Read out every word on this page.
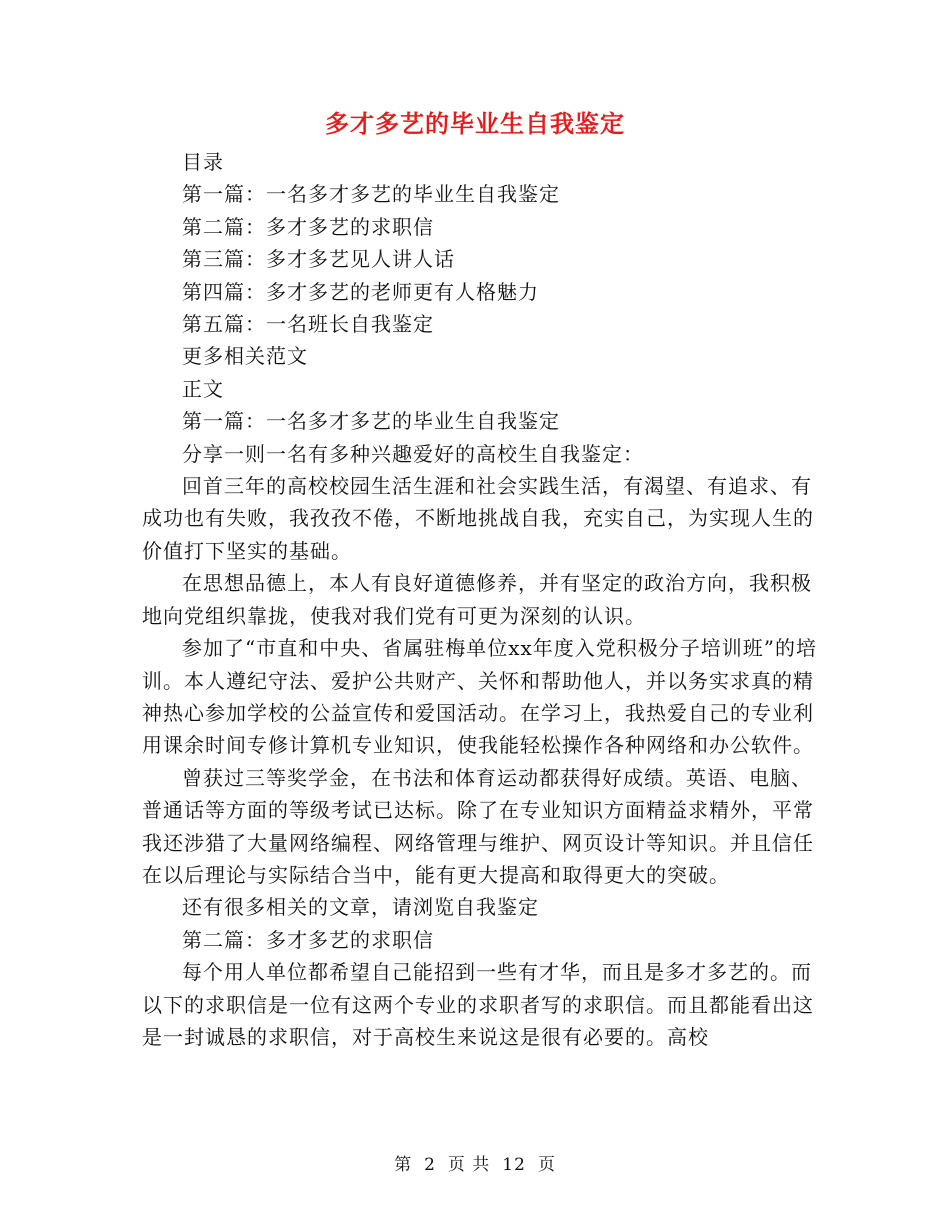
多才多艺的毕业生自我鉴定

目录

第一篇：一名多才多艺的毕业生自我鉴定

第二篇：多才多艺的求职信

第三篇：多才多艺见人讲人话

第四篇：多才多艺的老师更有人格魅力

第五篇：一名班长自我鉴定

更多相关范文

正文

第一篇：一名多才多艺的毕业生自我鉴定

分享一则一名有多种兴趣爱好的高校生自我鉴定：

回首三年的高校校园生活生涯和社会实践生活，有渴望、有追求、有成功也有失败，我孜孜不倦，不断地挑战自我，充实自己，为实现人生的价值打下坚实的基础。

在思想品德上，本人有良好道德修养，并有坚定的政治方向，我积极地向党组织靠拢，使我对我们党有可更为深刻的认识。

参加了“市直和中央、省属驻梅单位xx年度入党积极分子培训班”的培训。本人遵纪守法、爱护公共财产、关怀和帮助他人，并以务实求真的精神热心参加学校的公益宣传和爱国活动。在学习上，我热爱自己的专业利用课余时间专修计算机专业知识，使我能轻松操作各种网络和办公软件。

曾获过三等奖学金，在书法和体育运动都获得好成绩。英语、电脑、普通话等方面的等级考试已达标。除了在专业知识方面精益求精外，平常我还涉猎了大量网络编程、网络管理与维护、网页设计等知识。并且信任在以后理论与实际结合当中，能有更大提高和取得更大的突破。

还有很多相关的文章，请浏览自我鉴定

第二篇：多才多艺的求职信

每个用人单位都希望自己能招到一些有才华，而且是多才多艺的。而以下的求职信是一位有这两个专业的求职者写的求职信。而且都能看出这是一封诚恳的求职信，对于高校生来说这是很有必要的。高校

第 2 页 共 12 页
